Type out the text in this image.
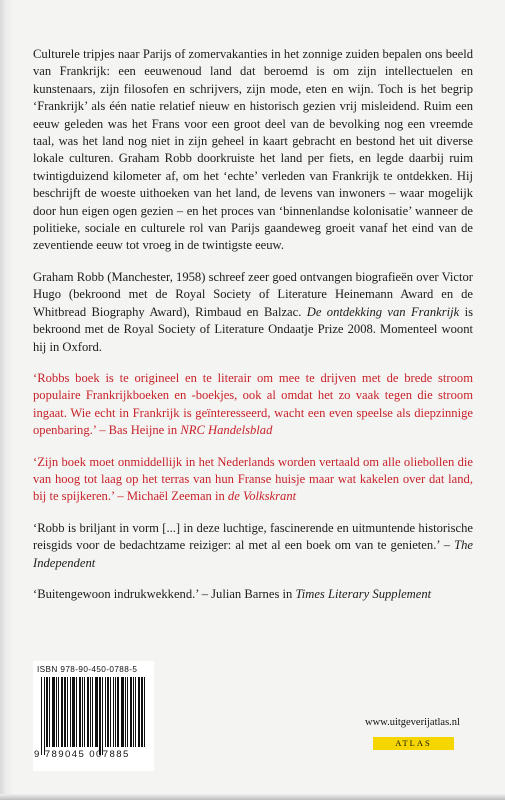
Culturele tripjes naar Parijs of zomervakanties in het zonnige zuiden bepalen ons beeld van Frankrijk: een eeuwenoud land dat beroemd is om zijn intellectuelen en kunstenaars, zijn filosofen en schrijvers, zijn mode, eten en wijn. Toch is het begrip ‘Frankrijk’ als één natie relatief nieuw en historisch gezien vrij misleidend. Ruim een eeuw geleden was het Frans voor een groot deel van de bevolking nog een vreemde taal, was het land nog niet in zijn geheel in kaart gebracht en bestond het uit diverse lokale culturen. Graham Robb doorkruiste het land per fiets, en legde daarbij ruim twintigduizend kilometer af, om het ‘echte’ verleden van Frankrijk te ontdekken. Hij beschrijft de woeste uithoeken van het land, de levens van inwoners – waar mogelijk door hun eigen ogen gezien – en het proces van ‘binnenlandse kolonisatie’ wanneer de politieke, sociale en culturele rol van Parijs gaandeweg groeit vanaf het eind van de zeventiende eeuw tot vroeg in de twintigste eeuw.

Graham Robb (Manchester, 1958) schreef zeer goed ontvangen biografieën over Victor Hugo (bekroond met de Royal Society of Literature Heinemann Award en de Whitbread Biography Award), Rimbaud en Balzac. De ontdekking van Frankrijk is bekroond met de Royal Society of Literature Ondaatje Prize 2008. Momenteel woont hij in Oxford.

‘Robbs boek is te origineel en te literair om mee te drijven met de brede stroom populaire Frankrijkboeken en -boekjes, ook al omdat het zo vaak tegen die stroom ingaat. Wie echt in Frankrijk is geïnteresseerd, wacht een even speelse als diepzinnige openbaring.’ – Bas Heijne in NRC Handelsblad

‘Zijn boek moet onmiddellijk in het Nederlands worden vertaald om alle oliebollen die van hoog tot laag op het terras van hun Franse huisje maar wat kakelen over dat land, bij te spijkeren.’ – Michaël Zeeman in de Volkskrant

‘Robb is briljant in vorm [...] in deze luchtige, fascinerende en uitmuntende historische reisgids voor de bedachtzame reiziger: al met al een boek om van te genieten.’ – The Independent

‘Buitengewoon indrukwekkend.’ – Julian Barnes in Times Literary Supplement

ISBN 978-90-450-0788-5
9 789045 007885
www.uitgeverijatlas.nl
ATLAS
